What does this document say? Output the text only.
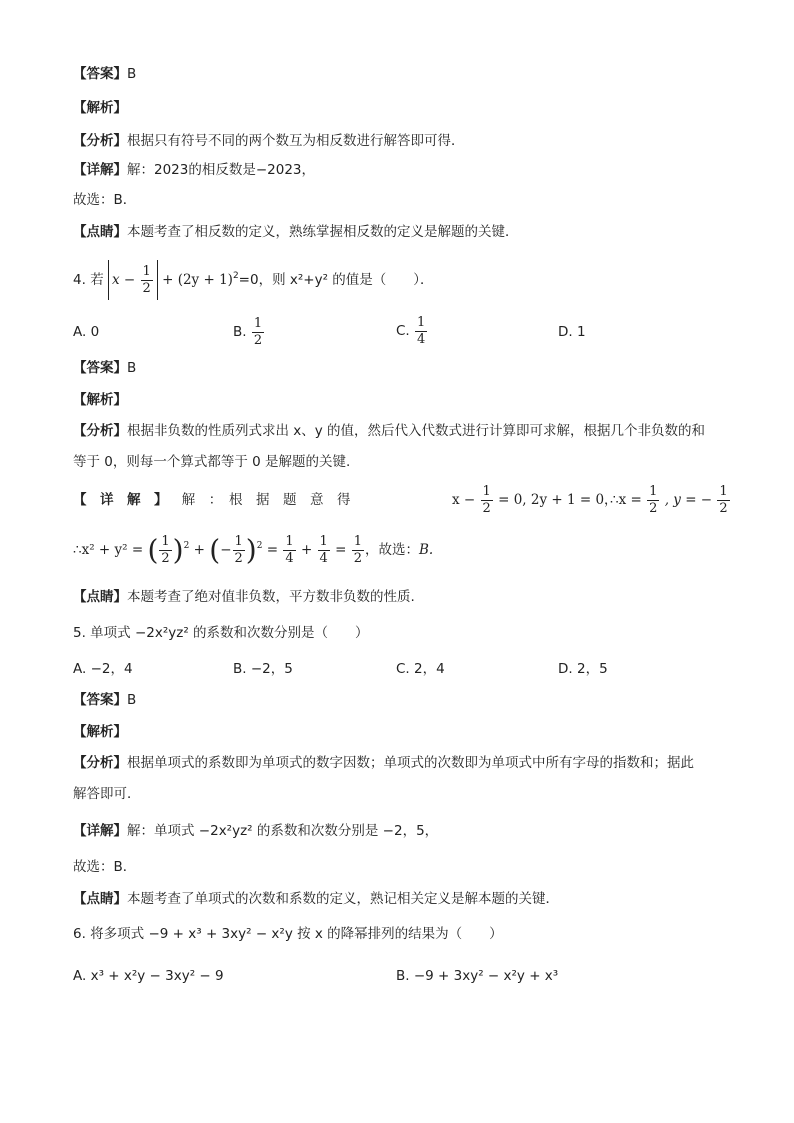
【答案】B
【解析】
【分析】根据只有符号不同的两个数互为相反数进行解答即可得．
【详解】解：2023的相反数是−2023，
故选：B．
【点睛】本题考查了相反数的定义，熟练掌握相反数的定义是解题的关键．
4. 若 $x - \frac{1}{2} + (2y + 1)^2=0$，则 x²+y² 的值是（　　）．
A. 0	B. $\frac{1}{2}$	C. $\frac{1}{4}$	D. 1
【答案】B
【解析】
【分析】根据非负数的性质列式求出 x、y 的值，然后代入代数式进行计算即可求解，根据几个非负数的和
等于 0，则每一个算式都等于 0 是解题的关键.
【　详　解　】 解　：　根　据　题　意　得	$x - \frac{1}{2} = 0$, 2y + 1 = 0，
∴x = $\frac{1}{2}$ , y = − $\frac{1}{2}$
∴x² + y² = ( $\frac{1}{2} )^2$ + (− $\frac{1}{2} )^2 = \frac{1}{4} + \frac{1}{4} = \frac{1}{2}$ ，故选：B.
【点睛】本题考查了绝对值非负数，平方数非负数的性质.
5. 单项式 −2x²yz² 的系数和次数分别是（　　）
A. −2，4	B. −2，5	C. 2，4	D. 2，5
【答案】B
【解析】
【分析】根据单项式的系数即为单项式的数字因数；单项式的次数即为单项式中所有字母的指数和；据此
解答即可．
【详解】解：单项式 −2x²yz² 的系数和次数分别是 −2，5，
故选：B．
【点睛】本题考查了单项式的次数和系数的定义，熟记相关定义是解本题的关键．
6. 将多项式 −9 + x³ + 3xy² − x²y 按 x 的降幂排列的结果为（　　）
A. x³ + x²y − 3xy² − 9	B. −9 + 3xy² − x²y + x³
